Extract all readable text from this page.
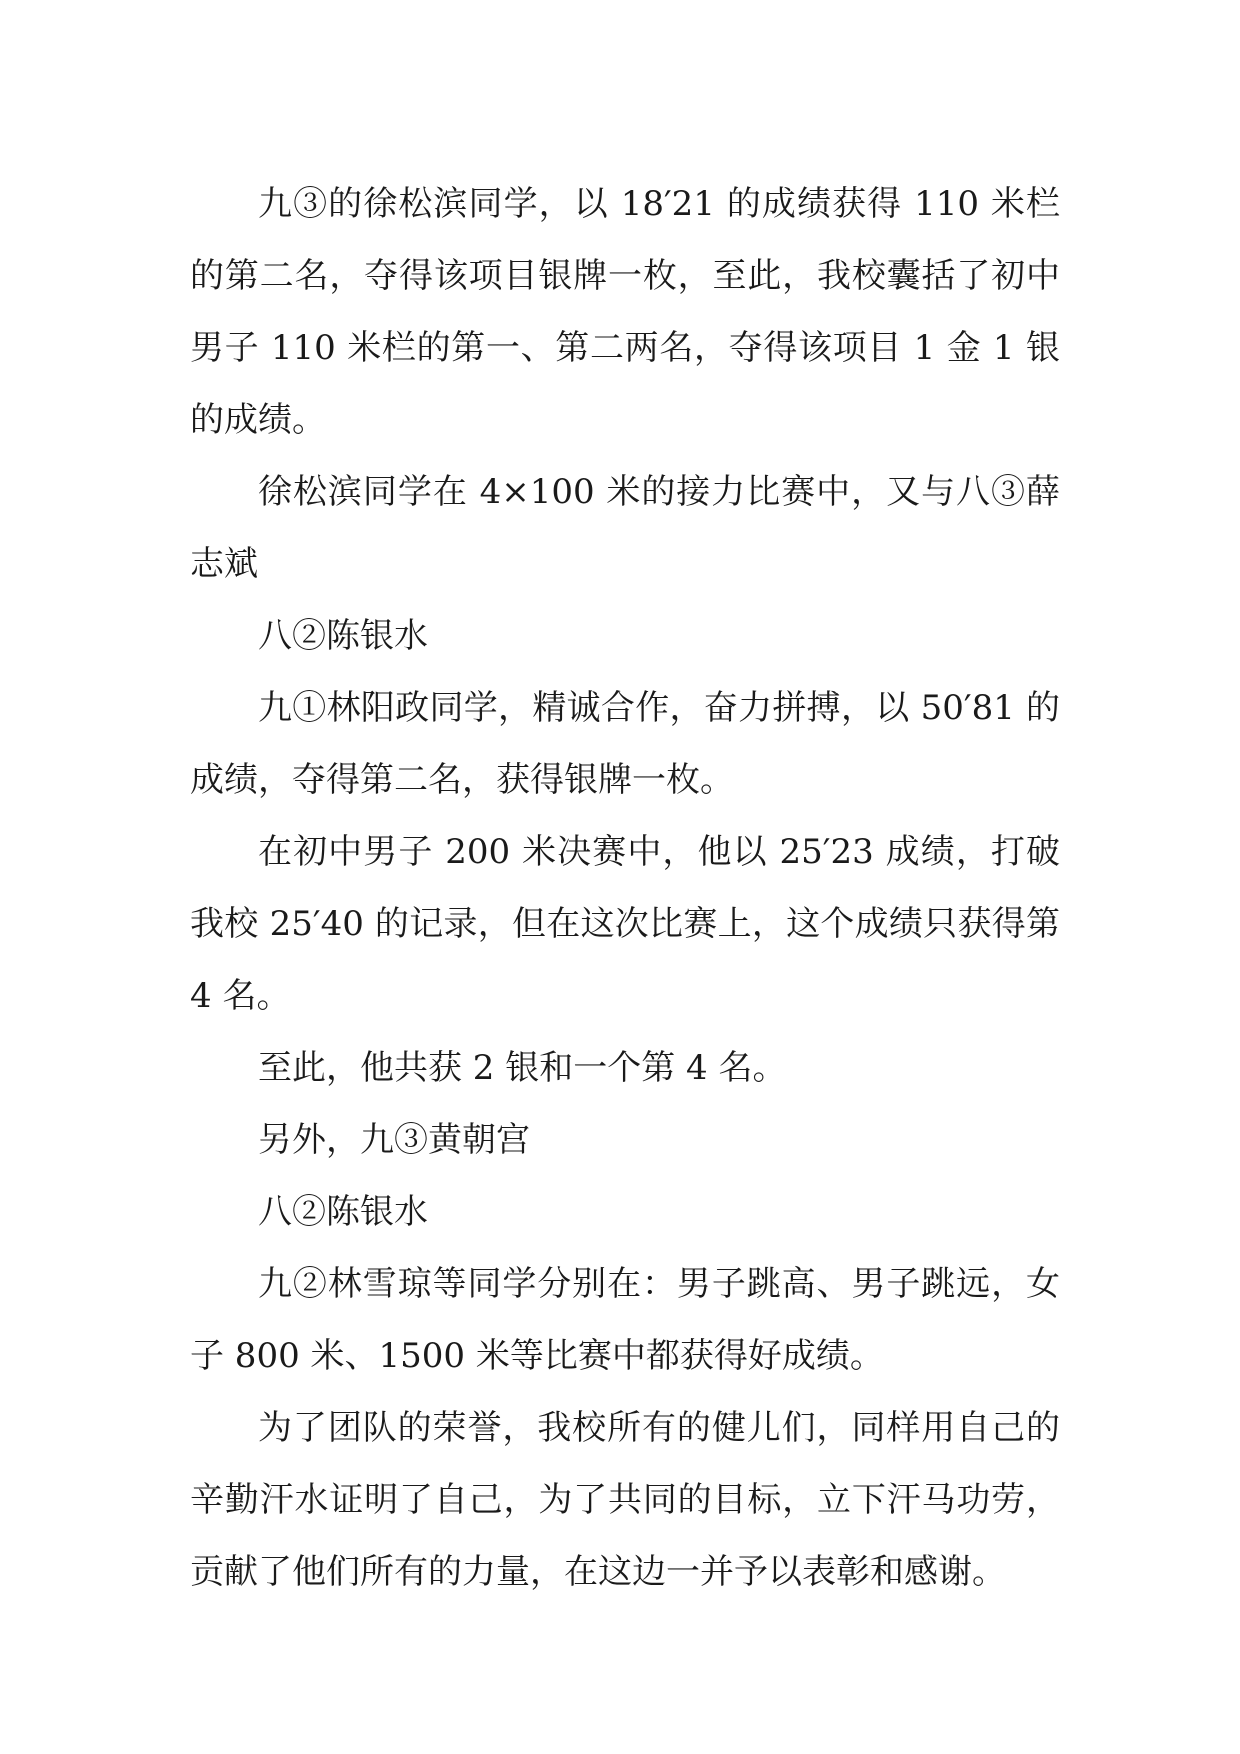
九③的徐松滨同学，以 18′21 的成绩获得 110 米栏的第二名，夺得该项目银牌一枚，至此，我校囊括了初中男子 110 米栏的第一、第二两名，夺得该项目 1 金 1 银的成绩。

徐松滨同学在 4×100 米的接力比赛中，又与八③薛志斌

八②陈银水

九①林阳政同学，精诚合作，奋力拼搏，以 50′81 的成绩，夺得第二名，获得银牌一枚。

在初中男子 200 米决赛中，他以 25′23 成绩，打破我校 25′40 的记录，但在这次比赛上，这个成绩只获得第 4 名。

至此，他共获 2 银和一个第 4 名。

另外，九③黄朝宫

八②陈银水

九②林雪琼等同学分别在：男子跳高、男子跳远，女子 800 米、1500 米等比赛中都获得好成绩。

为了团队的荣誉，我校所有的健儿们，同样用自己的辛勤汗水证明了自己，为了共同的目标，立下汗马功劳，贡献了他们所有的力量，在这边一并予以表彰和感谢。
